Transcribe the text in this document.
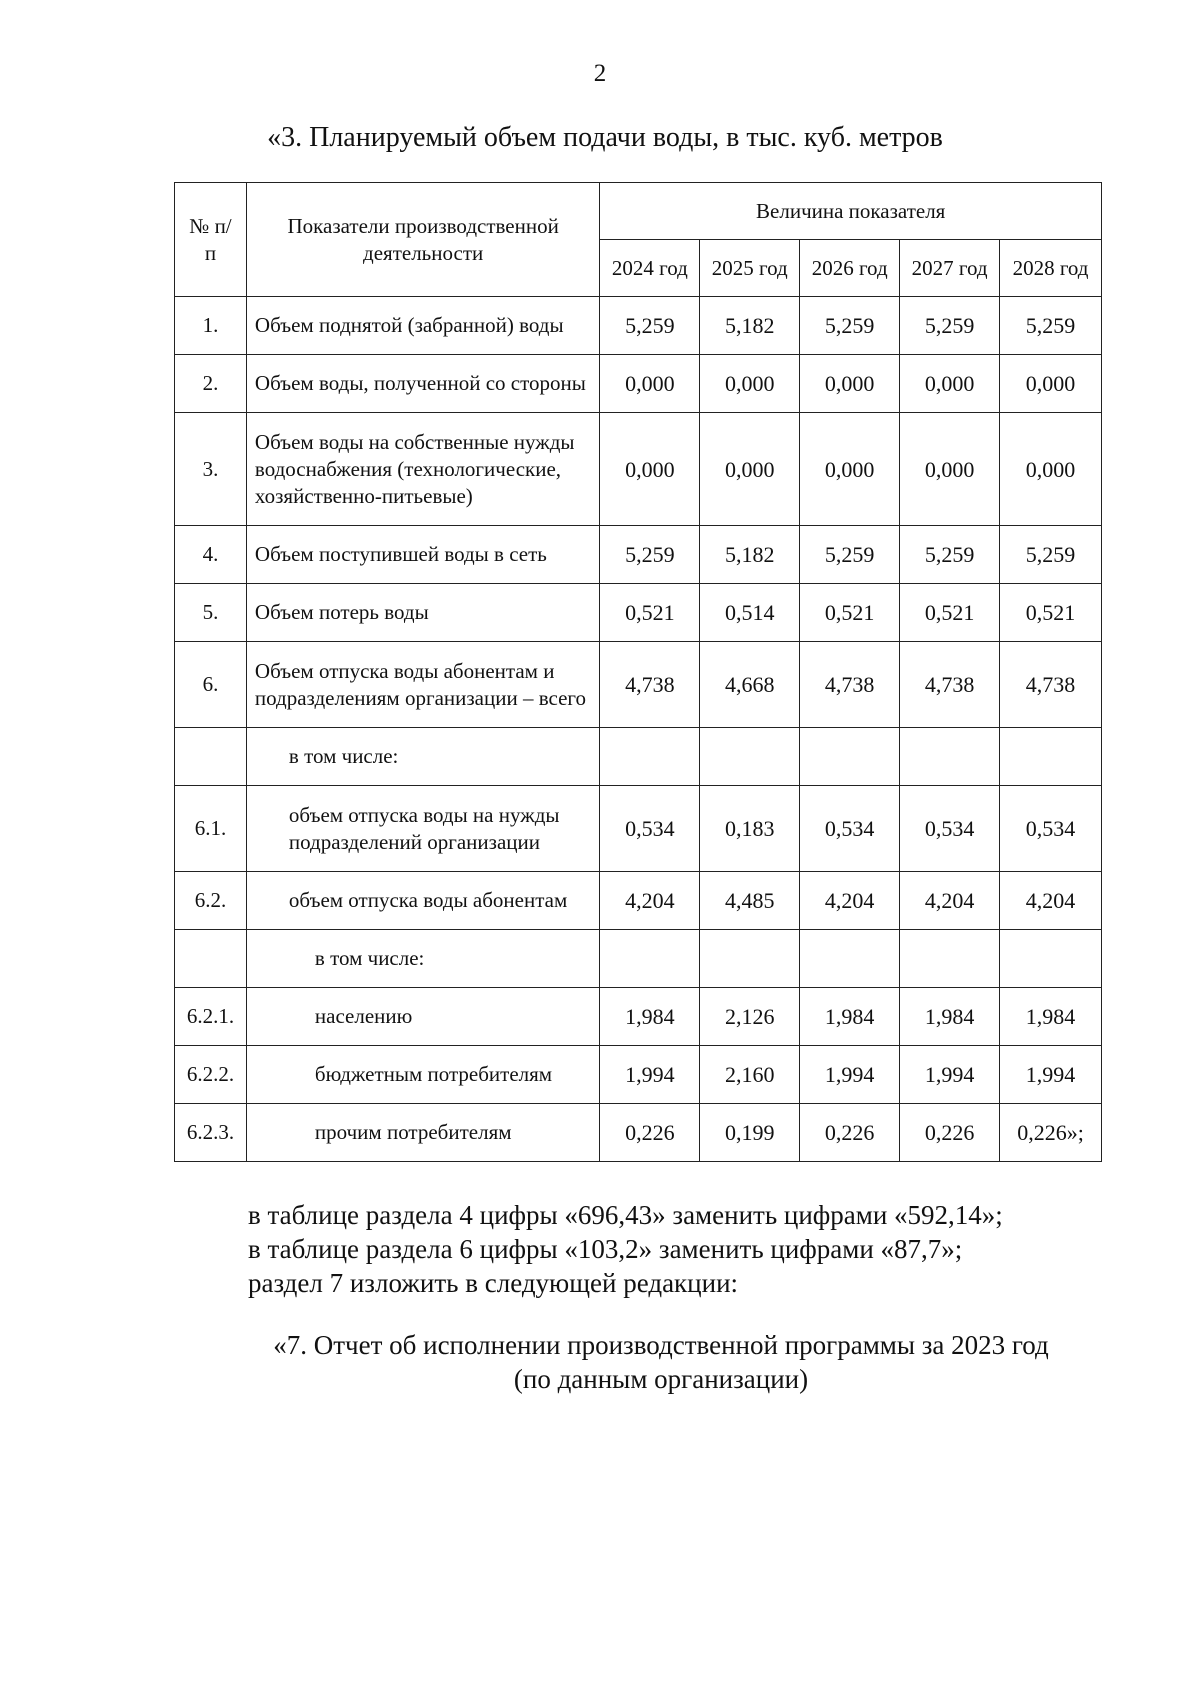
2
«3. Планируемый объем подачи воды, в тыс. куб. метров
№ п/п	Показатели производственной деятельности	Величина показателя				
		2024 год	2025 год	2026 год	2027 год	2028 год
1.	Объем поднятой (забранной) воды	5,259	5,182	5,259	5,259	5,259
2.	Объем воды, полученной со стороны	0,000	0,000	0,000	0,000	0,000
3.	Объем воды на собственные нужды водоснабжения (технологические, хозяйственно-питьевые)	0,000	0,000	0,000	0,000	0,000
4.	Объем поступившей воды в сеть	5,259	5,182	5,259	5,259	5,259
5.	Объем потерь воды	0,521	0,514	0,521	0,521	0,521
6.	Объем отпуска воды абонентам и подразделениям организации – всего	4,738	4,668	4,738	4,738	4,738
	в том числе:					
6.1.	объем отпуска воды на нужды подразделений организации	0,534	0,183	0,534	0,534	0,534
6.2.	объем отпуска воды абонентам	4,204	4,485	4,204	4,204	4,204
	в том числе:					
6.2.1.	населению	1,984	2,126	1,984	1,984	1,984
6.2.2.	бюджетным потребителям	1,994	2,160	1,994	1,994	1,994
6.2.3.	прочим потребителям	0,226	0,199	0,226	0,226	0,226»;

в таблице раздела 4 цифры «696,43» заменить цифрами «592,14»;

в таблице раздела 6 цифры «103,2» заменить цифрами «87,7»;

раздел 7 изложить в следующей редакции:

«7. Отчет об исполнении производственной программы за 2023 год
(по данным организации)
